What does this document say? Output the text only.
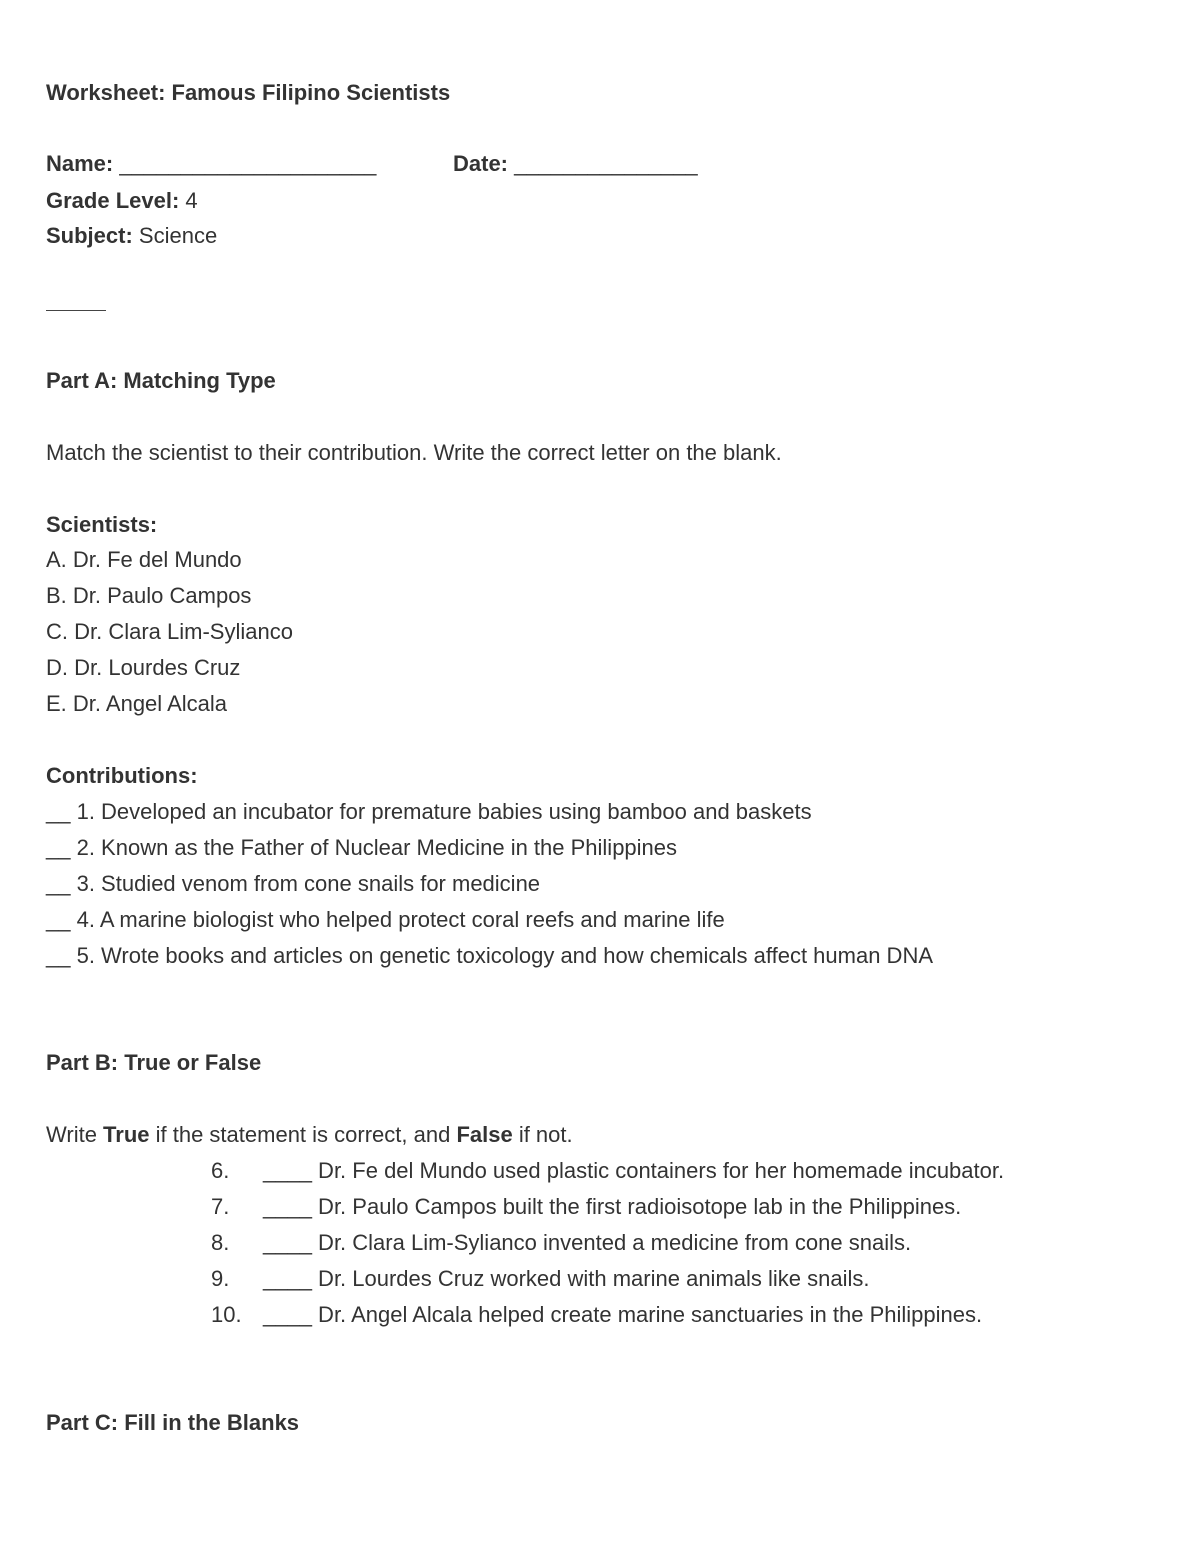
Worksheet: Famous Filipino Scientists
Name: _____________________	Date: _______________
Grade Level: 4
Subject: Science
Part A: Matching Type
Match the scientist to their contribution. Write the correct letter on the blank.
Scientists:
A. Dr. Fe del Mundo
B. Dr. Paulo Campos
C. Dr. Clara Lim-Sylianco
D. Dr. Lourdes Cruz
E. Dr. Angel Alcala
Contributions:
__ 1. Developed an incubator for premature babies using bamboo and baskets
__ 2. Known as the Father of Nuclear Medicine in the Philippines
__ 3. Studied venom from cone snails for medicine
__ 4. A marine biologist who helped protect coral reefs and marine life
__ 5. Wrote books and articles on genetic toxicology and how chemicals affect human DNA
Part B: True or False
Write True if the statement is correct, and False if not.
6. ____ Dr. Fe del Mundo used plastic containers for her homemade incubator.
7. ____ Dr. Paulo Campos built the first radioisotope lab in the Philippines.
8. ____ Dr. Clara Lim-Sylianco invented a medicine from cone snails.
9. ____ Dr. Lourdes Cruz worked with marine animals like snails.
10. ____ Dr. Angel Alcala helped create marine sanctuaries in the Philippines.
Part C: Fill in the Blanks
